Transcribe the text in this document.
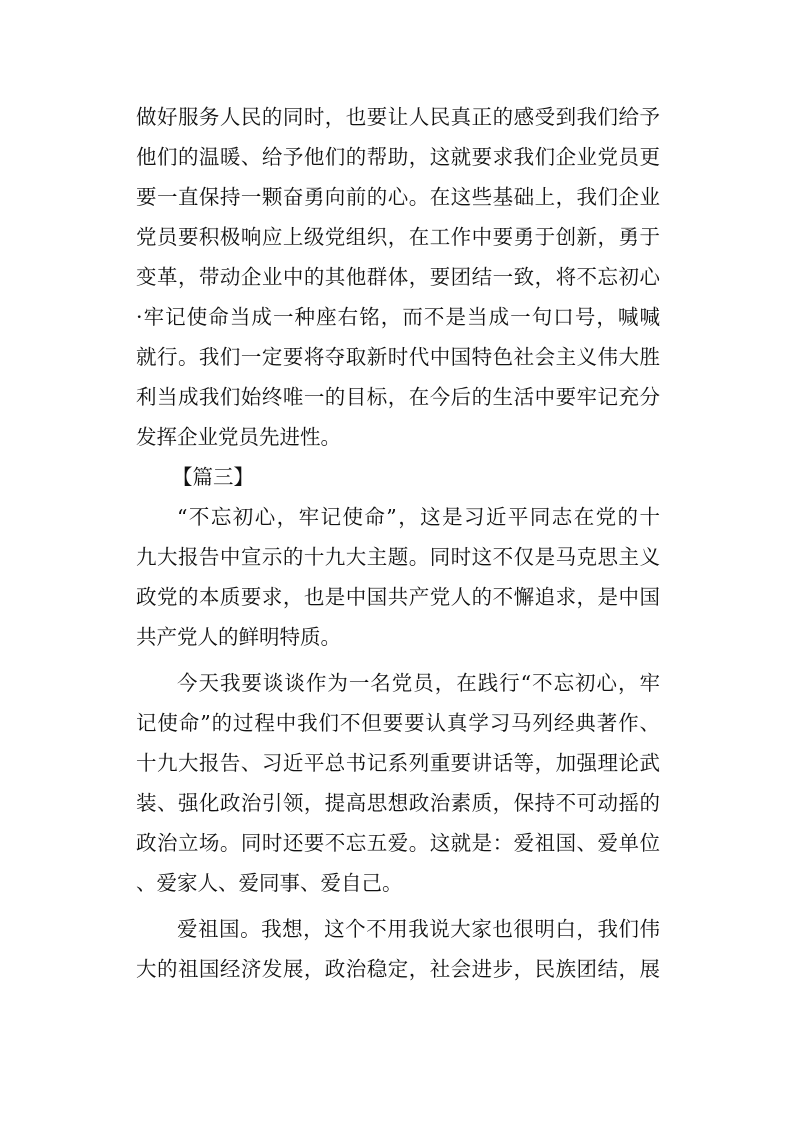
做好服务人民的同时，也要让人民真正的感受到我们给予
他们的温暖、给予他们的帮助，这就要求我们企业党员更
要一直保持一颗奋勇向前的心。在这些基础上，我们企业
党员要积极响应上级党组织，在工作中要勇于创新，勇于
变革，带动企业中的其他群体，要团结一致，将不忘初心
·牢记使命当成一种座右铭，而不是当成一句口号，喊喊
就行。我们一定要将夺取新时代中国特色社会主义伟大胜
利当成我们始终唯一的目标，在今后的生活中要牢记充分
发挥企业党员先进性。
【篇三】
“不忘初心，牢记使命”，这是习近平同志在党的十
九大报告中宣示的十九大主题。同时这不仅是马克思主义
政党的本质要求，也是中国共产党人的不懈追求，是中国
共产党人的鲜明特质。
今天我要谈谈作为一名党员，在践行“不忘初心，牢
记使命”的过程中我们不但要要认真学习马列经典著作、
十九大报告、习近平总书记系列重要讲话等，加强理论武
装、强化政治引领，提高思想政治素质，保持不可动摇的
政治立场。同时还要不忘五爱。这就是：爱祖国、爱单位
、爱家人、爱同事、爱自己。
爱祖国。我想，这个不用我说大家也很明白，我们伟
大的祖国经济发展，政治稳定，社会进步，民族团结，展
